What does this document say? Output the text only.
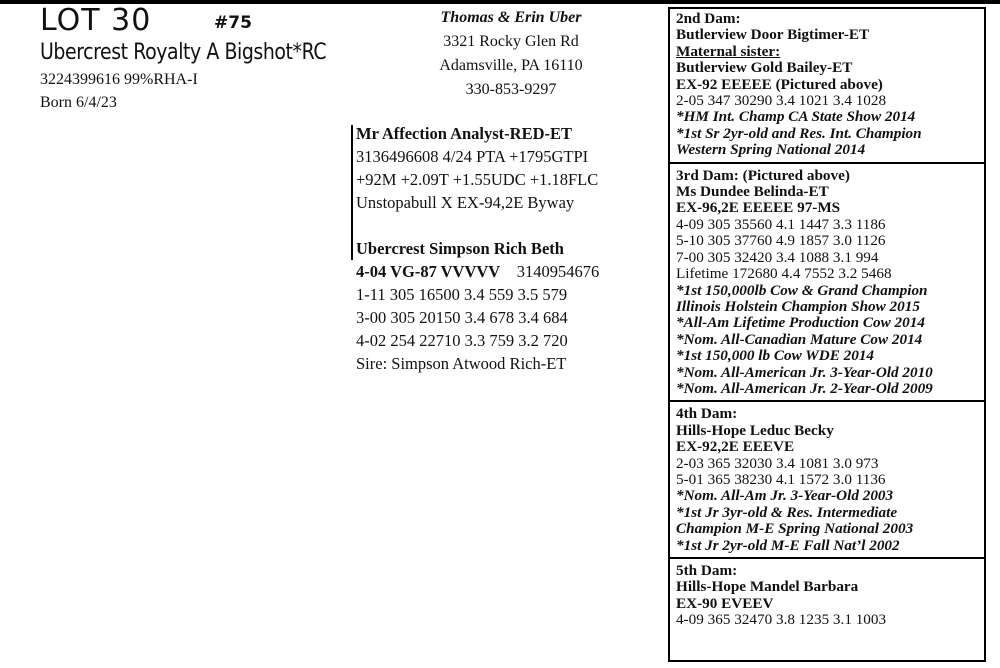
LOT 30	#75
Ubercrest Royalty A Bigshot*RC
3224399616 99%RHA-I
Born 6/4/23
Thomas & Erin Uber
3321 Rocky Glen Rd
Adamsville, PA 16110
330-853-9297
Mr Affection Analyst-RED-ET
3136496608 4/24 PTA +1795GTPI
+92M +2.09T +1.55UDC +1.18FLC
Unstopabull X EX-94,2E Byway
Ubercrest Simpson Rich Beth
4-04 VG-87 VVVVV 3140954676
1-11 305 16500 3.4 559 3.5 579
3-00 305 20150 3.4 678 3.4 684
4-02 254 22710 3.3 759 3.2 720
Sire: Simpson Atwood Rich-ET
2nd Dam:
Butlerview Door Bigtimer-ET
Maternal sister:
Butlerview Gold Bailey-ET
EX-92 EEEEE (Pictured above)
2-05 347 30290 3.4 1021 3.4 1028
*HM Int. Champ CA State Show 2014
*1st Sr 2yr-old and Res. Int. Champion
Western Spring National 2014
3rd Dam: (Pictured above)
Ms Dundee Belinda-ET
EX-96,2E EEEEE 97-MS
4-09 305 35560 4.1 1447 3.3 1186
5-10 305 37760 4.9 1857 3.0 1126
7-00 305 32420 3.4 1088 3.1 994
Lifetime 172680 4.4 7552 3.2 5468
*1st 150,000lb Cow & Grand Champion
Illinois Holstein Champion Show 2015
*All-Am Lifetime Production Cow 2014
*Nom. All-Canadian Mature Cow 2014
*1st 150,000 lb Cow WDE 2014
*Nom. All-American Jr. 3-Year-Old 2010
*Nom. All-American Jr. 2-Year-Old 2009
4th Dam:
Hills-Hope Leduc Becky
EX-92,2E EEEVE
2-03 365 32030 3.4 1081 3.0 973
5-01 365 38230 4.1 1572 3.0 1136
*Nom. All-Am Jr. 3-Year-Old 2003
*1st Jr 3yr-old & Res. Intermediate
Champion M-E Spring National 2003
*1st Jr 2yr-old M-E Fall Nat’l 2002
5th Dam:
Hills-Hope Mandel Barbara
EX-90 EVEEV
4-09 365 32470 3.8 1235 3.1 1003
